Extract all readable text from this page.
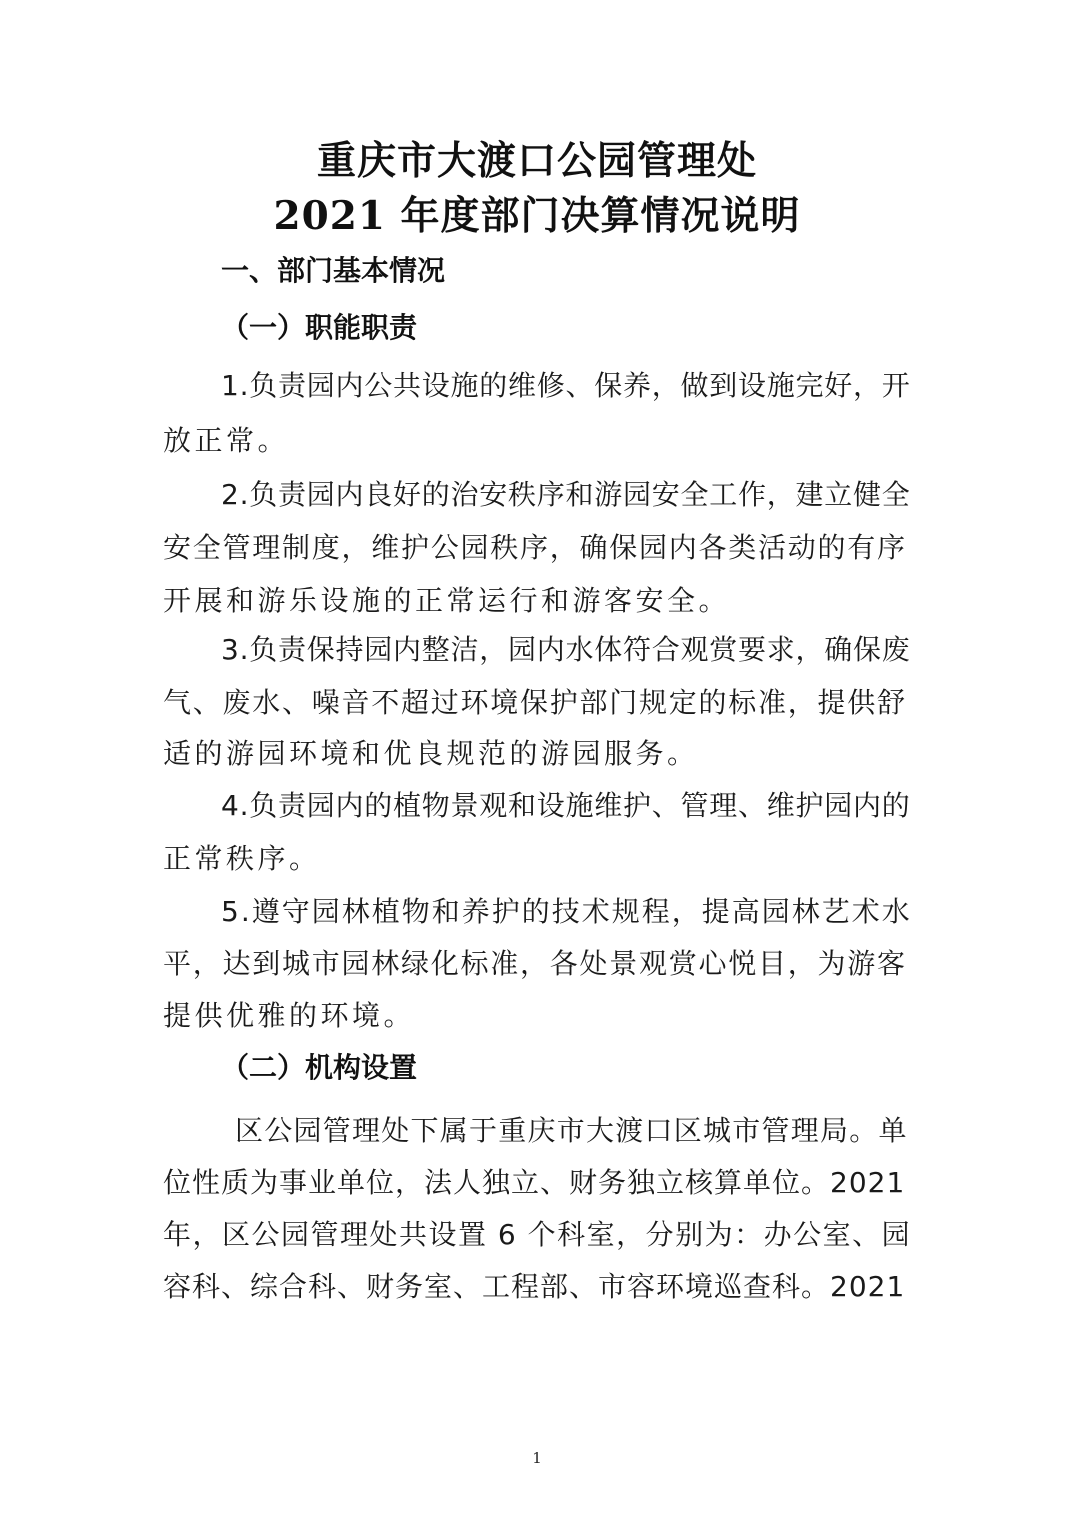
重庆市大渡口公园管理处
2021 年度部门决算情况说明
一、部门基本情况
（一）职能职责
1.负责园内公共设施的维修、保养，做到设施完好，开
放正常。
2.负责园内良好的治安秩序和游园安全工作，建立健全
安全管理制度，维护公园秩序，确保园内各类活动的有序
开展和游乐设施的正常运行和游客安全。
3.负责保持园内整洁，园内水体符合观赏要求，确保废
气、废水、噪音不超过环境保护部门规定的标准，提供舒
适的游园环境和优良规范的游园服务。
4.负责园内的植物景观和设施维护、管理、维护园内的
正常秩序。
5.遵守园林植物和养护的技术规程，提高园林艺术水
平，达到城市园林绿化标准，各处景观赏心悦目，为游客
提供优雅的环境。
（二）机构设置
区公园管理处下属于重庆市大渡口区城市管理局。单
位性质为事业单位，法人独立、财务独立核算单位。2021
年，区公园管理处共设置 6 个科室，分别为：办公室、园
容科、综合科、财务室、工程部、市容环境巡查科。2021
1
